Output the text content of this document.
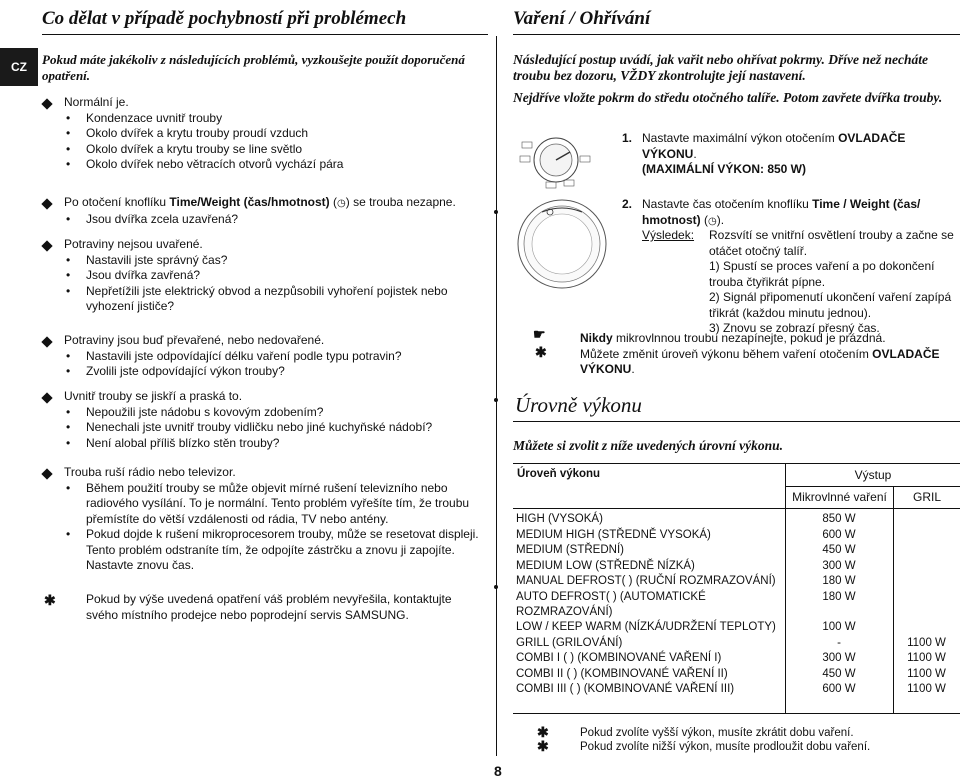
Co dělat v případě pochybností při problémech	Vaření / Ohřívání
CZ	Pokud máte jakékoliv z následujících problémů, vyzkoušejte použít doporučená opatření.
Normální je.
• Kondenzace uvnitř trouby
• Okolo dvířek a krytu trouby proudí vzduch
• Okolo dvířek a krytu trouby se line světlo
• Okolo dvířek nebo větracích otvorů vychází pára
Po otočení knoflíku Time/Weight (čas/hmotnost) (◷) se trouba nezapne.
• Jsou dvířka zcela uzavřená?
Potraviny nejsou uvařené.
• Nastavili jste správný čas?
• Jsou dvířka zavřená?
• Nepřetížili jste elektrický obvod a nezpůsobili vyhoření pojistek nebo vyhození jističe?
Potraviny jsou buď převařené, nebo nedovařené.
• Nastavili jste odpovídající délku vaření podle typu potravin?
• Zvolili jste odpovídající výkon trouby?
Uvnitř trouby se jiskří a praská to.
• Nepoužili jste nádobu s kovovým zdobením?
• Nenechali jste uvnitř trouby vidličku nebo jiné kuchyňské nádobí?
• Není alobal příliš blízko stěn trouby?
Trouba ruší rádio nebo televizor.
• Během použití trouby se může objevit mírné rušení televizního nebo radiového vysílání. To je normální. Tento problém vyřešíte tím, že troubu přemístíte do větší vzdálenosti od rádia, TV nebo antény.
• Pokud dojde k rušení mikroprocesorem trouby, může se resetovat displeji. Tento problém odstraníte tím, že odpojíte zástrčku a znovu ji zapojíte. Nastavte znovu čas.
✱	Pokud by výše uvedená opatření váš problém nevyřešila, kontaktujte svého místního prodejce nebo poprodejní servis SAMSUNG.
Následující postup uvádí, jak vařit nebo ohřívat pokrmy. Dříve než necháte troubu bez dozoru, VŽDY zkontrolujte její nastavení.
Nejdříve vložte pokrm do středu otočného talíře. Potom zavřete dvířka trouby.
1. Nastavte maximální výkon otočením OVLADAČE VÝKONU.
(MAXIMÁLNÍ VÝKON: 850 W)
2. Nastavte čas otočením knoflíku Time / Weight (čas/ hmotnost) (◷).
Výsledek:	Rozsvítí se vnitřní osvětlení trouby a začne se otáčet otočný talíř.
1) Spustí se proces vaření a po dokončení trouba čtyřikrát pípne.
2) Signál připomenutí ukončení vaření zapípá třikrát (každou minutu jednou).
3) Znovu se zobrazí přesný čas.
☛
✱
Nikdy mikrovlnnou troubu nezapínejte, pokud je prázdná.
Můžete změnit úroveň výkonu během vaření otočením OVLADAČE VÝKONU.
Úrovně výkonu
Můžete si zvolit z níže uvedených úrovní výkonu.
Úroveň výkonu	Výstup
Mikrovlnné vaření	GRIL
HIGH (VYSOKÁ)	850 W	
MEDIUM HIGH (STŘEDNĚ VYSOKÁ)	600 W	
MEDIUM (STŘEDNÍ)	450 W	
MEDIUM LOW (STŘEDNĚ NÍZKÁ)	300 W	
MANUAL DEFROST( ) (RUČNÍ ROZMRAZOVÁNÍ)	180 W	
AUTO DEFROST( ) (AUTOMATICKÉ ROZMRAZOVÁNÍ)	180 W	
LOW / KEEP WARM (NÍZKÁ/UDRŽENÍ TEPLOTY)	100 W	
GRILL (GRILOVÁNÍ)	-	1100 W
COMBI I ( ) (KOMBINOVANÉ VAŘENÍ I)	300 W	1100 W
COMBI II ( ) (KOMBINOVANÉ VAŘENÍ II)	450 W	1100 W
COMBI III ( ) (KOMBINOVANÉ VAŘENÍ III)	600 W	1100 W
✱
✱
Pokud zvolíte vyšší výkon, musíte zkrátit dobu vaření.
Pokud zvolíte nižší výkon, musíte prodloužit dobu vaření.
8
